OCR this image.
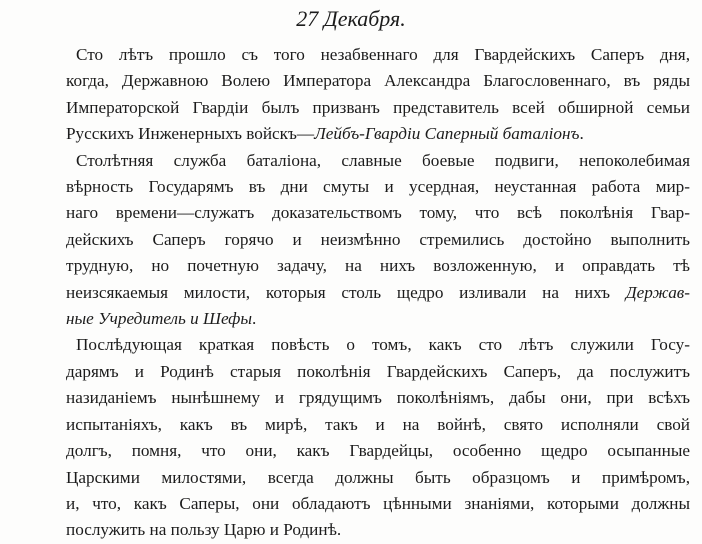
27 Декабря.
Сто лѣтъ прошло съ того незабвеннаго для Гвардейскихъ Саперъ дня,
когда, Державною Волею Императора Александра Благословеннаго, въ ряды
Императорской Гвардіи былъ призванъ представитель всей обширной семьи
Русскихъ Инженерныхъ войскъ—Лейбъ-Гвардіи Саперный баталіонъ.
Столѣтняя служба баталіона, славные боевые подвиги, непоколебимая
вѣрность Государямъ въ дни смуты и усердная, неустанная работа мир-
наго времени—служатъ доказательствомъ тому, что всѣ поколѣнія Гвар-
дейскихъ Саперъ горячо и неизмѣнно стремились достойно выполнить
трудную, но почетную задачу, на нихъ возложенную, и оправдать тѣ
неизсякаемыя милости, которыя столь щедро изливали на нихъ Держав-
ные Учредитель и Шефы.
Послѣдующая краткая повѣсть о томъ, какъ сто лѣтъ служили Госу-
дарямъ и Родинѣ старыя поколѣнія Гвардейскихъ Саперъ, да послужитъ
назиданіемъ нынѣшнему и грядущимъ поколѣніямъ, дабы они, при всѣхъ
испытаніяхъ, какъ въ мирѣ, такъ и на войнѣ, свято исполняли свой
долгъ, помня, что они, какъ Гвардейцы, особенно щедро осыпанные
Царскими милостями, всегда должны быть образцомъ и примѣромъ,
и, что, какъ Саперы, они обладаютъ цѣнными знаніями, которыми должны
послужить на пользу Царю и Родинѣ.
